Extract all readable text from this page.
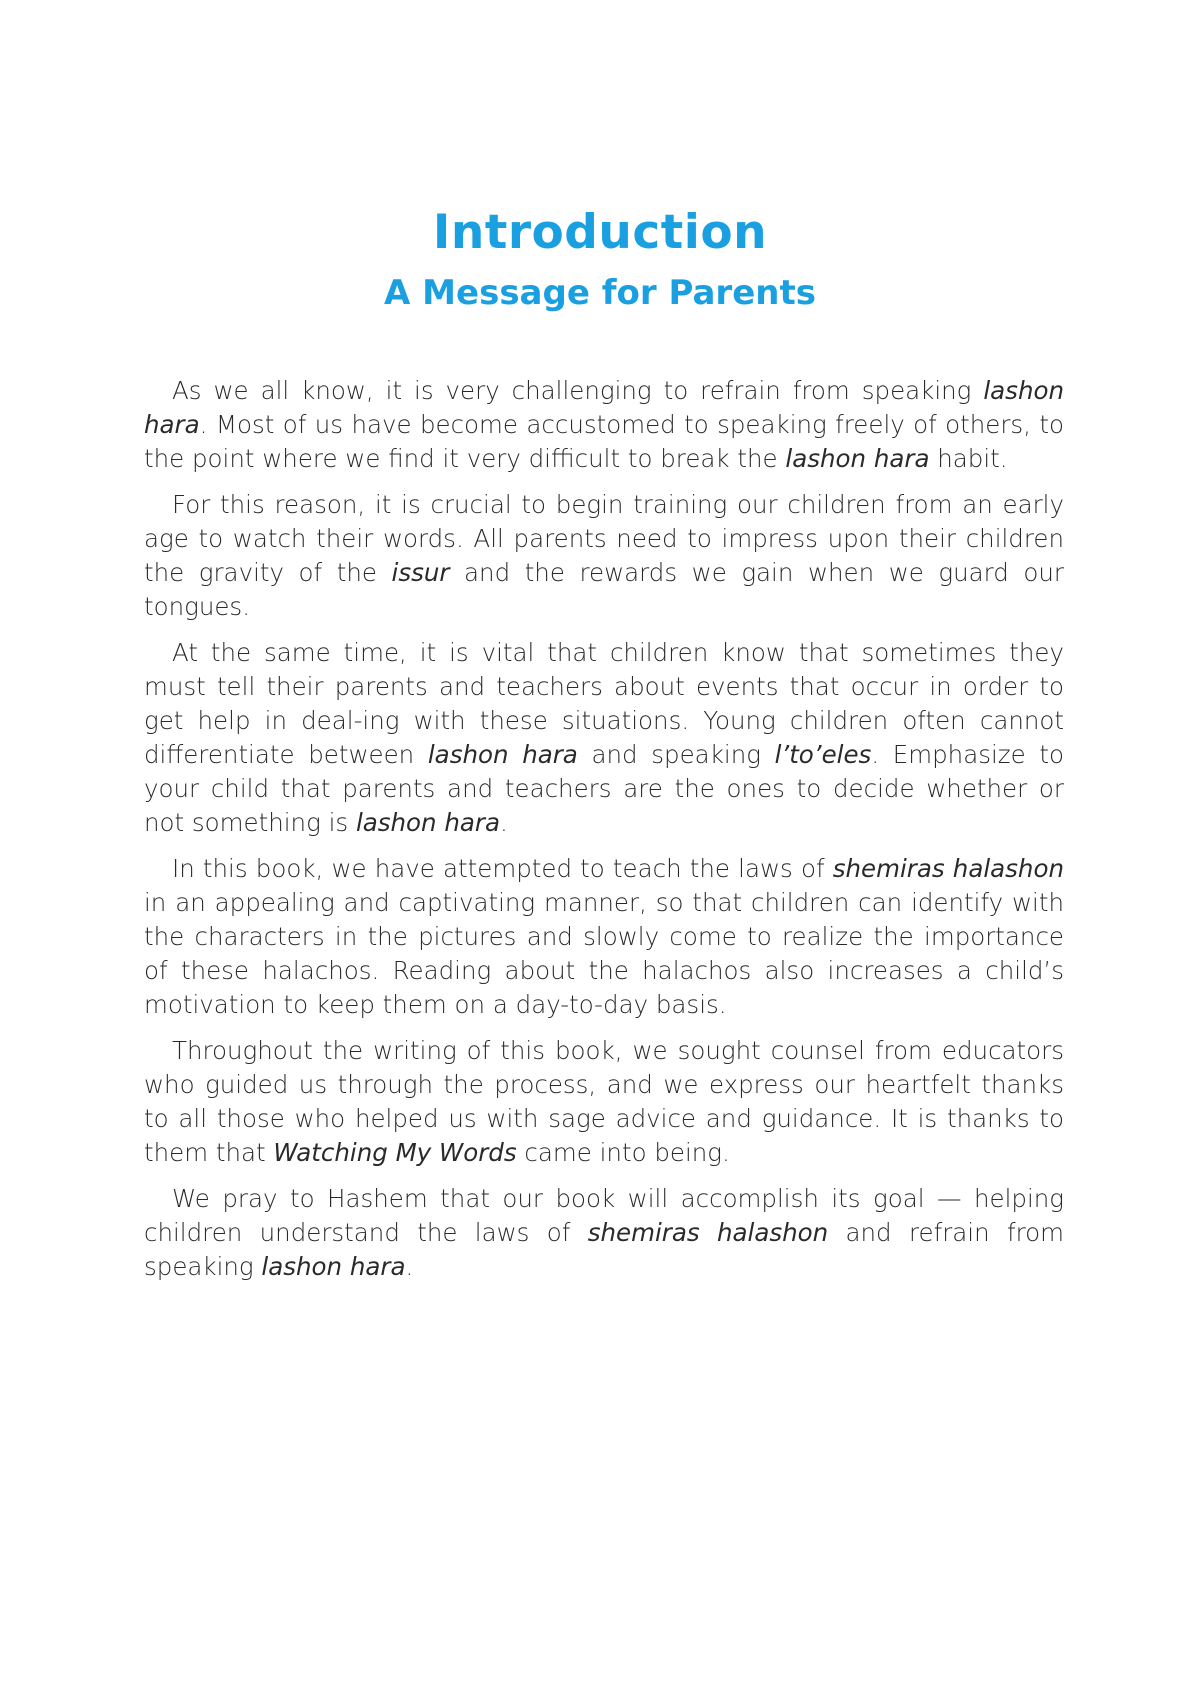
Introduction
A Message for Parents

As we all know, it is very challenging to refrain from speaking lashon hara. Most of us have become accustomed to speaking freely of others, to the point where we find it very difficult to break the lashon hara habit.

For this reason, it is crucial to begin training our children from an early age to watch their words. All parents need to impress upon their children the gravity of the issur and the rewards we gain when we guard our tongues.

At the same time, it is vital that children know that sometimes they must tell their parents and teachers about events that occur in order to get help in deal-ing with these situations. Young children often cannot differentiate between lashon hara and speaking l’to’eles. Emphasize to your child that parents and teachers are the ones to decide whether or not something is lashon hara.

In this book, we have attempted to teach the laws of shemiras halashon in an appealing and captivating manner, so that children can identify with the characters in the pictures and slowly come to realize the importance of these halachos. Reading about the halachos also increases a child’s motivation to keep them on a day-to-day basis.

Throughout the writing of this book, we sought counsel from educators who guided us through the process, and we express our heartfelt thanks to all those who helped us with sage advice and guidance. It is thanks to them that Watching My Words came into being.

We pray to Hashem that our book will accomplish its goal — helping children understand the laws of shemiras halashon and refrain from speaking lashon hara.
